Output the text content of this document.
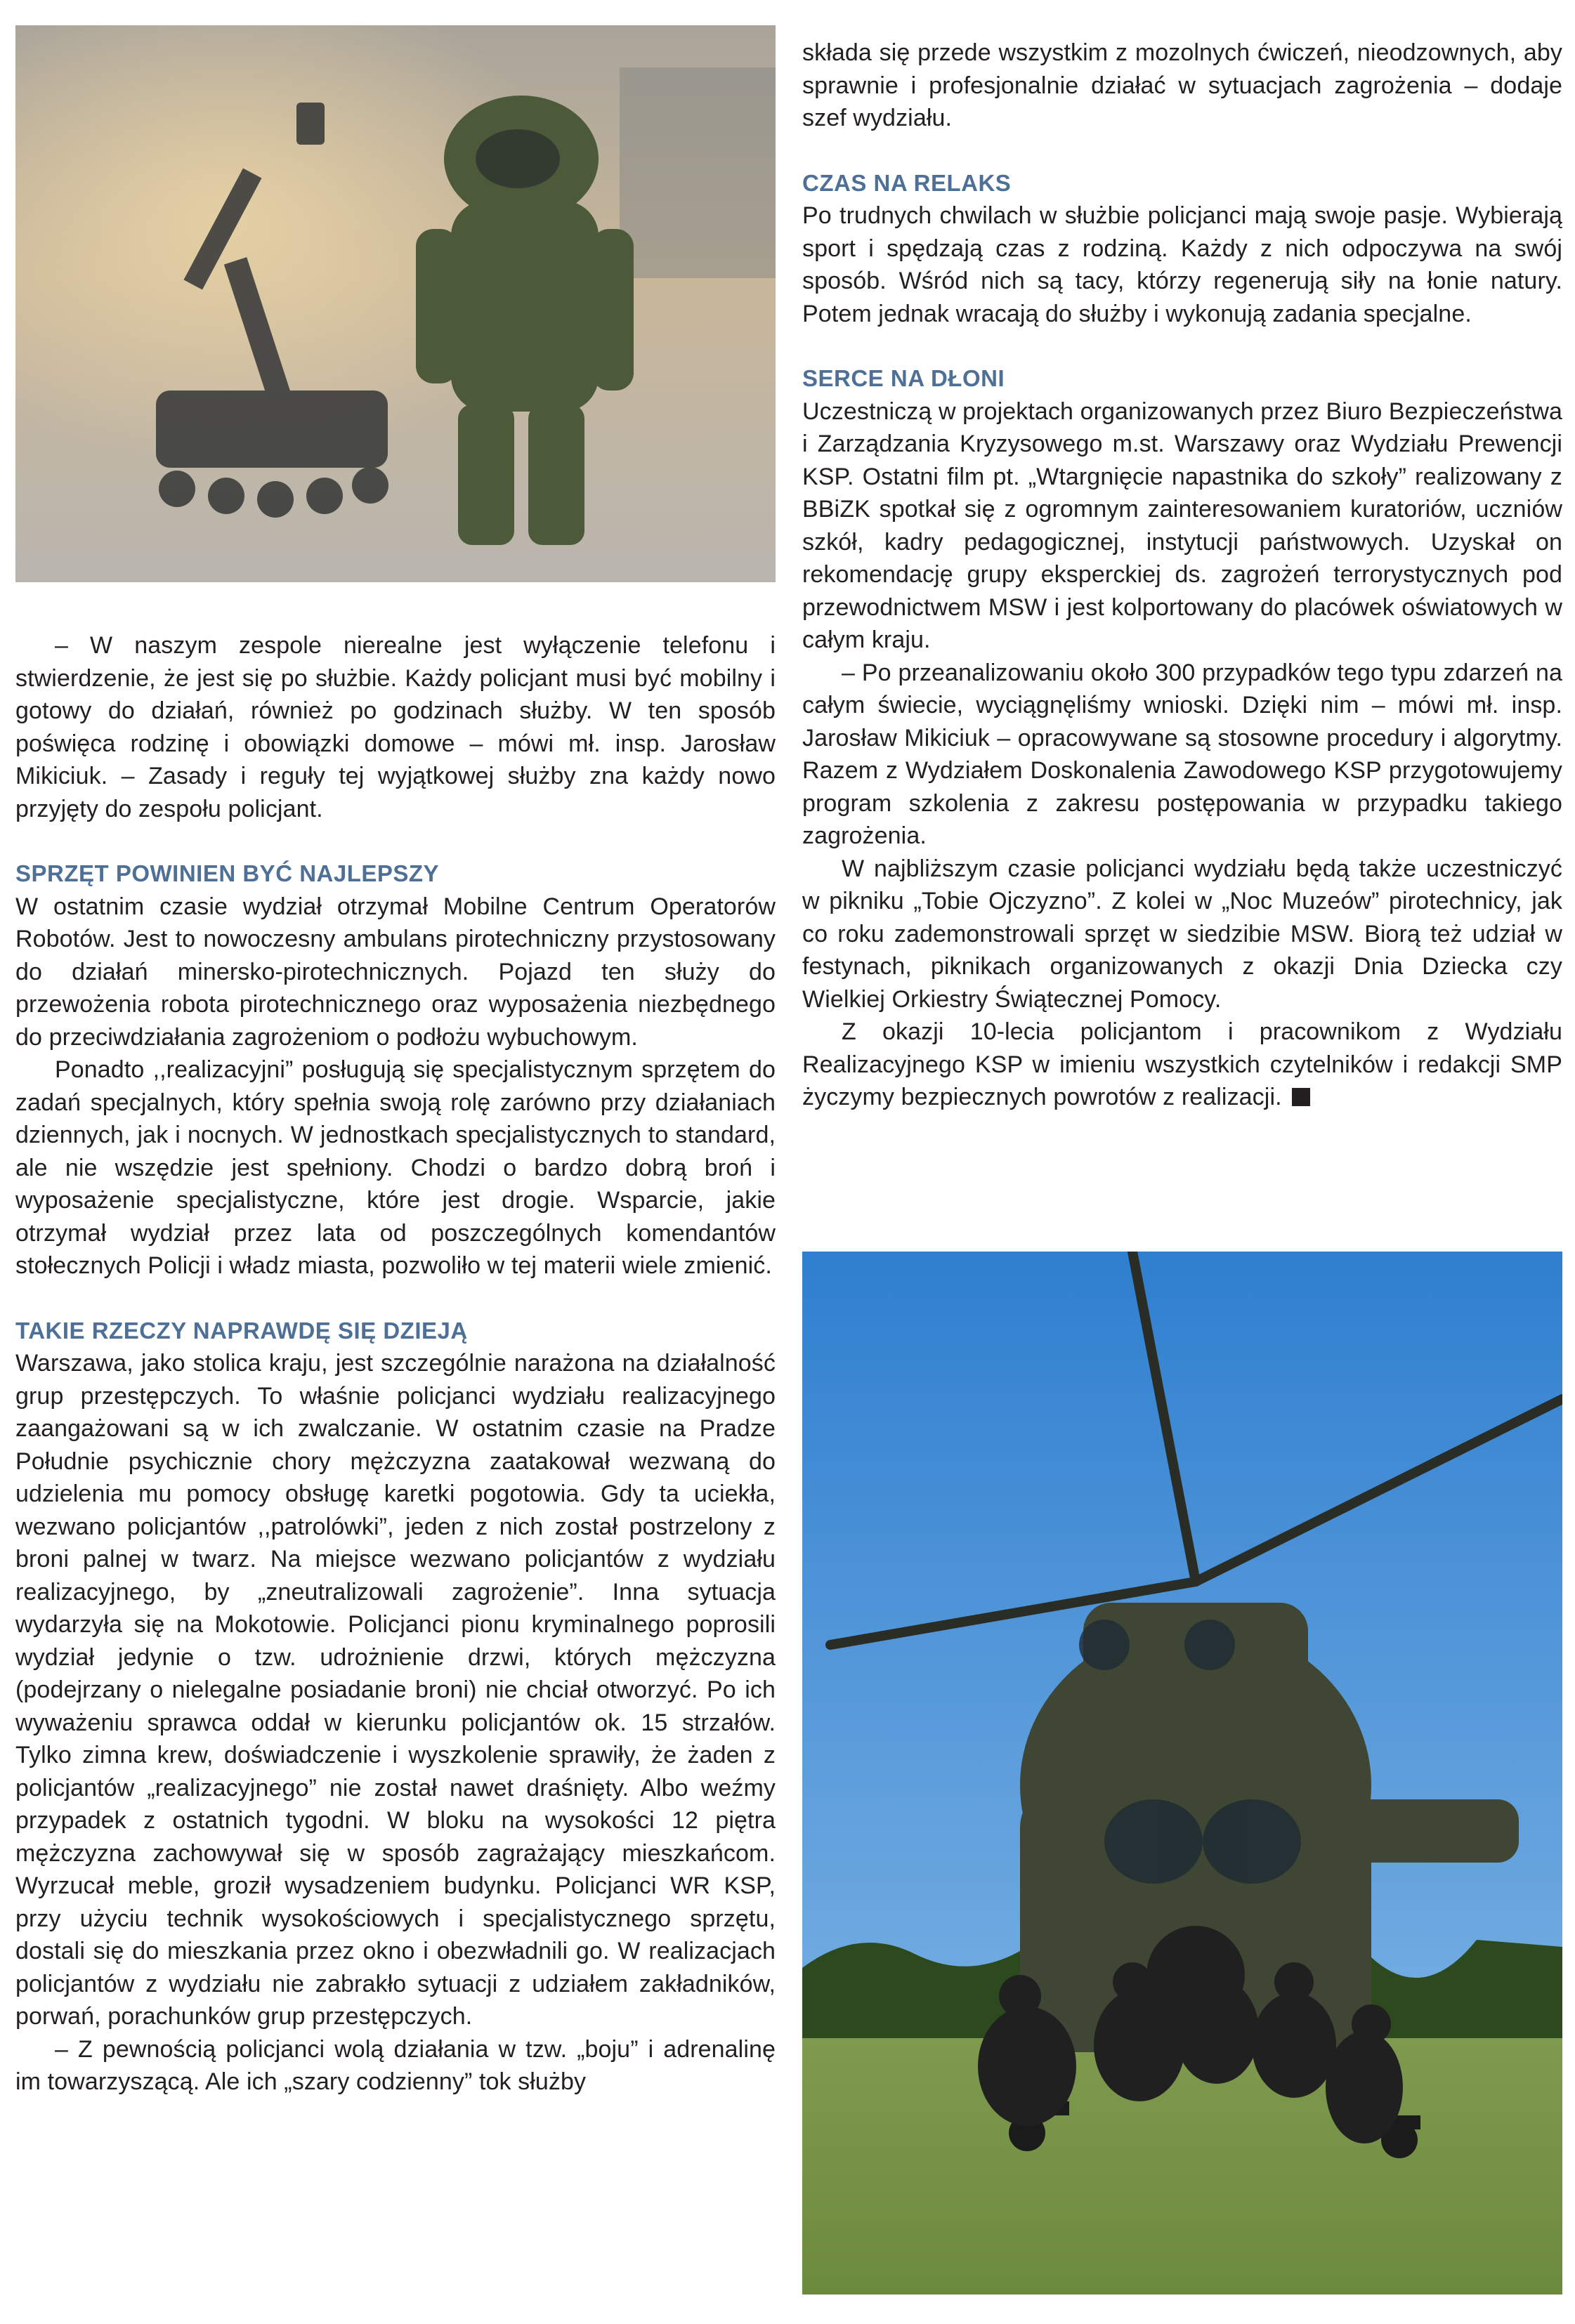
– W naszym zespole nierealne jest wyłączenie telefonu i stwierdzenie, że jest się po służbie. Każdy policjant musi być mobilny i gotowy do działań, również po godzinach służby. W ten sposób poświęca rodzinę i obowiązki domowe – mówi mł. insp. Jarosław Mikiciuk. – Zasady i reguły tej wyjątkowej służby zna każdy nowo przyjęty do zespołu policjant.

SPRZĘT POWINIEN BYĆ NAJLEPSZY

W ostatnim czasie wydział otrzymał Mobilne Centrum Operatorów Robotów. Jest to nowoczesny ambulans pirotechniczny przystosowany do działań minersko-pirotechnicznych. Pojazd ten służy do przewożenia robota pirotechnicznego oraz wyposażenia niezbędnego do przeciwdziałania zagrożeniom o podłożu wybuchowym.

Ponadto ,,realizacyjni” posługują się specjalistycznym sprzętem do zadań specjalnych, który spełnia swoją rolę zarówno przy działaniach dziennych, jak i nocnych. W jednostkach specjalistycznych to standard, ale nie wszędzie jest spełniony. Chodzi o bardzo dobrą broń i wyposażenie specjalistyczne, które jest drogie. Wsparcie, jakie otrzymał wydział przez lata od poszczególnych komendantów stołecznych Policji i władz miasta, pozwoliło w tej materii wiele zmienić.

TAKIE RZECZY NAPRAWDĘ SIĘ DZIEJĄ

Warszawa, jako stolica kraju, jest szczególnie narażona na działalność grup przestępczych. To właśnie policjanci wydziału realizacyjnego zaangażowani są w ich zwalczanie. W ostatnim czasie na Pradze Południe psychicznie chory mężczyzna zaatakował wezwaną do udzielenia mu pomocy obsługę karetki pogotowia. Gdy ta uciekła, wezwano policjantów ,,patrolówki”, jeden z nich został postrzelony z broni palnej w twarz. Na miejsce wezwano policjantów z wydziału realizacyjnego, by „zneutralizowali zagrożenie”. Inna sytuacja wydarzyła się na Mokotowie. Policjanci pionu kryminalnego poprosili wydział jedynie o tzw. udrożnienie drzwi, których mężczyzna (podejrzany o nielegalne posiadanie broni) nie chciał otworzyć. Po ich wyważeniu sprawca oddał w kierunku policjantów ok. 15 strzałów. Tylko zimna krew, doświadczenie i wyszkolenie sprawiły, że żaden z policjantów „realizacyjnego” nie został nawet draśnięty. Albo weźmy przypadek z ostatnich tygodni. W bloku na wysokości 12 piętra mężczyzna zachowywał się w sposób zagrażający mieszkańcom. Wyrzucał meble, groził wysadzeniem budynku. Policjanci WR KSP, przy użyciu technik wysokościowych i specjalistycznego sprzętu, dostali się do mieszkania przez okno i obezwładnili go. W realizacjach policjantów z wydziału nie zabrakło sytuacji z udziałem zakładników, porwań, porachunków grup przestępczych.

– Z pewnością policjanci wolą działania w tzw. „boju” i adrenalinę im towarzyszącą. Ale ich „szary codzienny” tok służby

składa się przede wszystkim z mozolnych ćwiczeń, nieodzownych, aby sprawnie i profesjonalnie działać w sytuacjach zagrożenia – dodaje szef wydziału.

CZAS NA RELAKS

Po trudnych chwilach w służbie policjanci mają swoje pasje. Wybierają sport i spędzają czas z rodziną. Każdy z nich odpoczywa na swój sposób. Wśród nich są tacy, którzy regenerują siły na łonie natury. Potem jednak wracają do służby i wykonują zadania specjalne.

SERCE NA DŁONI

Uczestniczą w projektach organizowanych przez Biuro Bezpieczeństwa i Zarządzania Kryzysowego m.st. Warszawy oraz Wydziału Prewencji KSP. Ostatni film pt. „Wtargnięcie napastnika do szkoły” realizowany z BBiZK spotkał się z ogromnym zainteresowaniem kuratoriów, uczniów szkół, kadry pedagogicznej, instytucji państwowych. Uzyskał on rekomendację grupy eksperckiej ds. zagrożeń terrorystycznych pod przewodnictwem MSW i jest kolportowany do placówek oświatowych w całym kraju.

– Po przeanalizowaniu około 300 przypadków tego typu zdarzeń na całym świecie, wyciągnęliśmy wnioski. Dzięki nim – mówi mł. insp. Jarosław Mikiciuk – opracowywane są stosowne procedury i algorytmy. Razem z Wydziałem Doskonalenia Zawodowego KSP przygotowujemy program szkolenia z zakresu postępowania w przypadku takiego zagrożenia.

W najbliższym czasie policjanci wydziału będą także uczestniczyć w pikniku „Tobie Ojczyzno”. Z kolei w „Noc Muzeów” pirotechnicy, jak co roku zademonstrowali sprzęt w siedzibie MSW. Biorą też udział w festynach, piknikach organizowanych z okazji Dnia Dziecka czy Wielkiej Orkiestry Świątecznej Pomocy.

Z okazji 10-lecia policjantom i pracownikom z Wydziału Realizacyjnego KSP w imieniu wszystkich czytelników i redakcji SMP życzymy bezpiecznych powrotów z realizacji.
